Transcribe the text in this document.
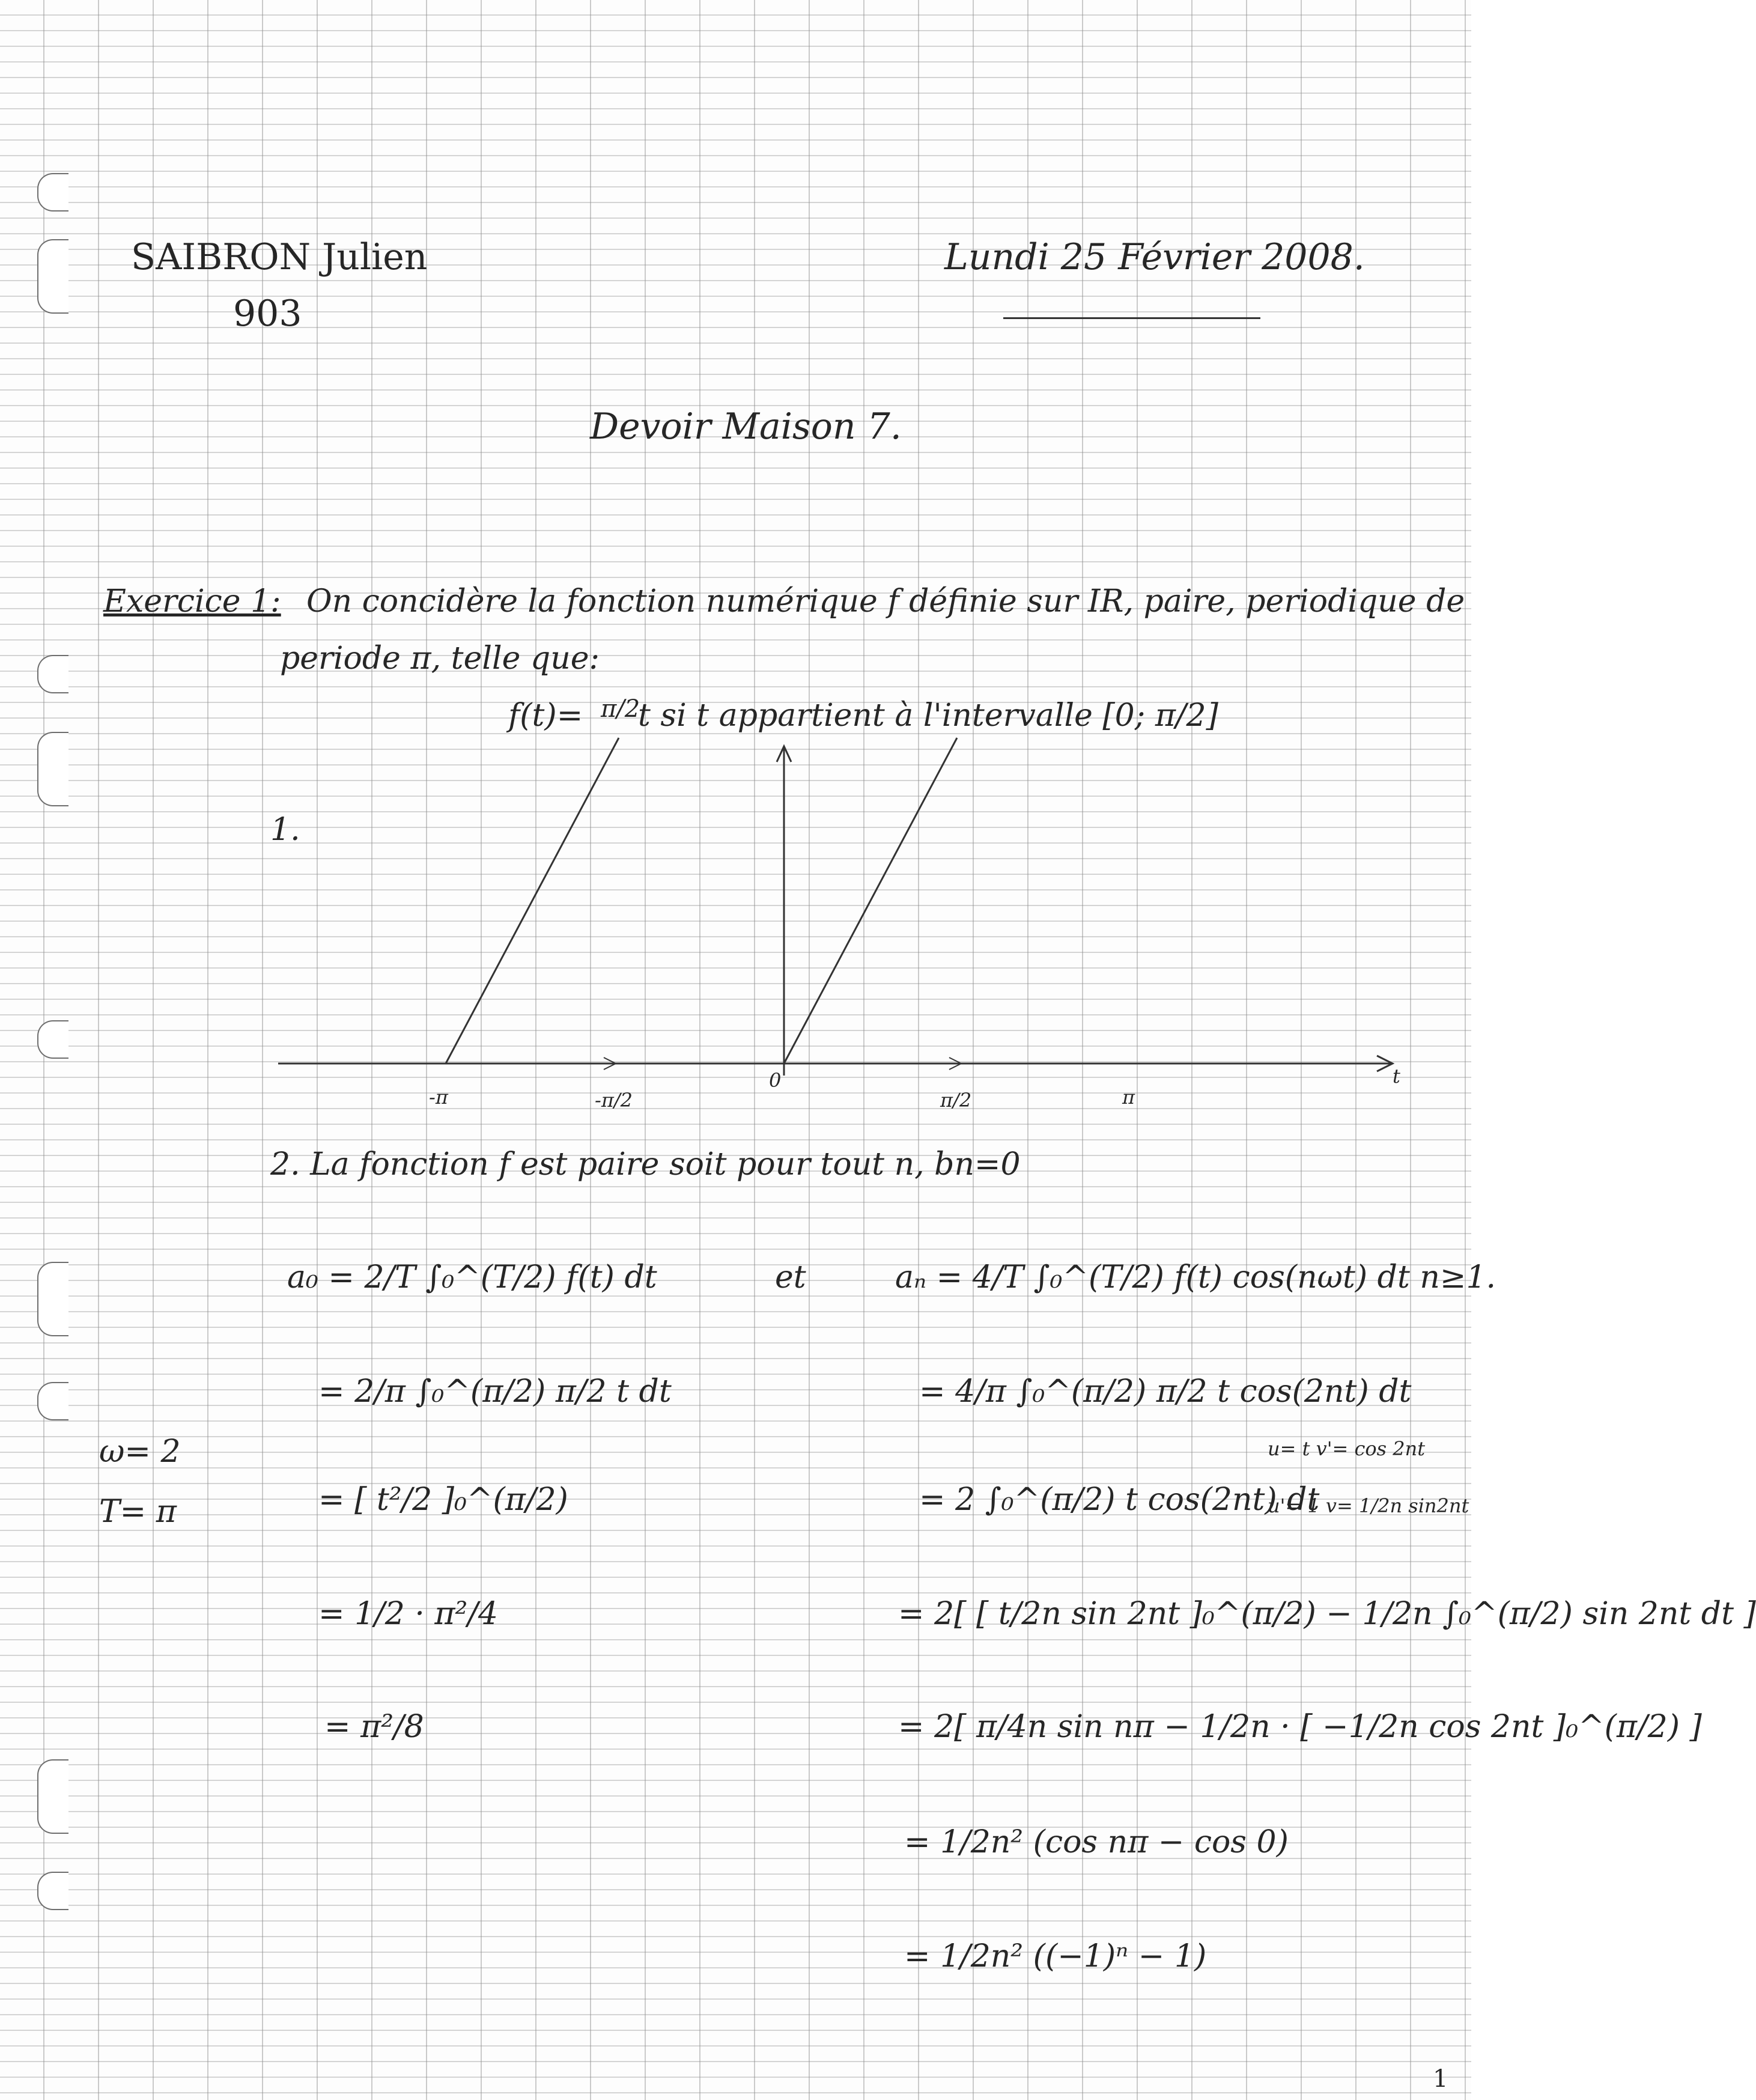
SAIBRON Julien
903
Lundi 25 Février 2008.
Devoir Maison 7.
Exercice 1: On concidère la fonction numérique f définie sur IR, paire, periodique de
periode π, telle que:
f(t)= π/2
t si t appartient à l'intervalle [0; π/2]
1.
t
-π	-π/2
0
π/2	π
2. La fonction f est paire soit pour tout n, bn=0
ω= 2
T= π
a₀ = 2/T ∫₀^(T/2) f(t) dt
= 2/π ∫₀^(π/2) π/2 t dt
= [ t²/2 ]₀^(π/2)
= 1/2 · π²/4
= π²/8
et	aₙ = 4/T ∫₀^(T/2) f(t) cos(nωt) dt n≥1.
= 4/π ∫₀^(π/2) π/2 t cos(2nt) dt
= 2 ∫₀^(π/2) t cos(2nt) dt
= 2[ [ t/2n sin 2nt ]₀^(π/2) − 1/2n ∫₀^(π/2) sin 2nt dt ]
= 2[ π/4n sin nπ − 1/2n · [ −1/2n cos 2nt ]₀^(π/2) ]
= 1/2n² (cos nπ − cos 0)
= 1/2n² ((−1)ⁿ − 1)
u= t v'= cos 2nt
u'= 1 v= 1/2n sin2nt
1
